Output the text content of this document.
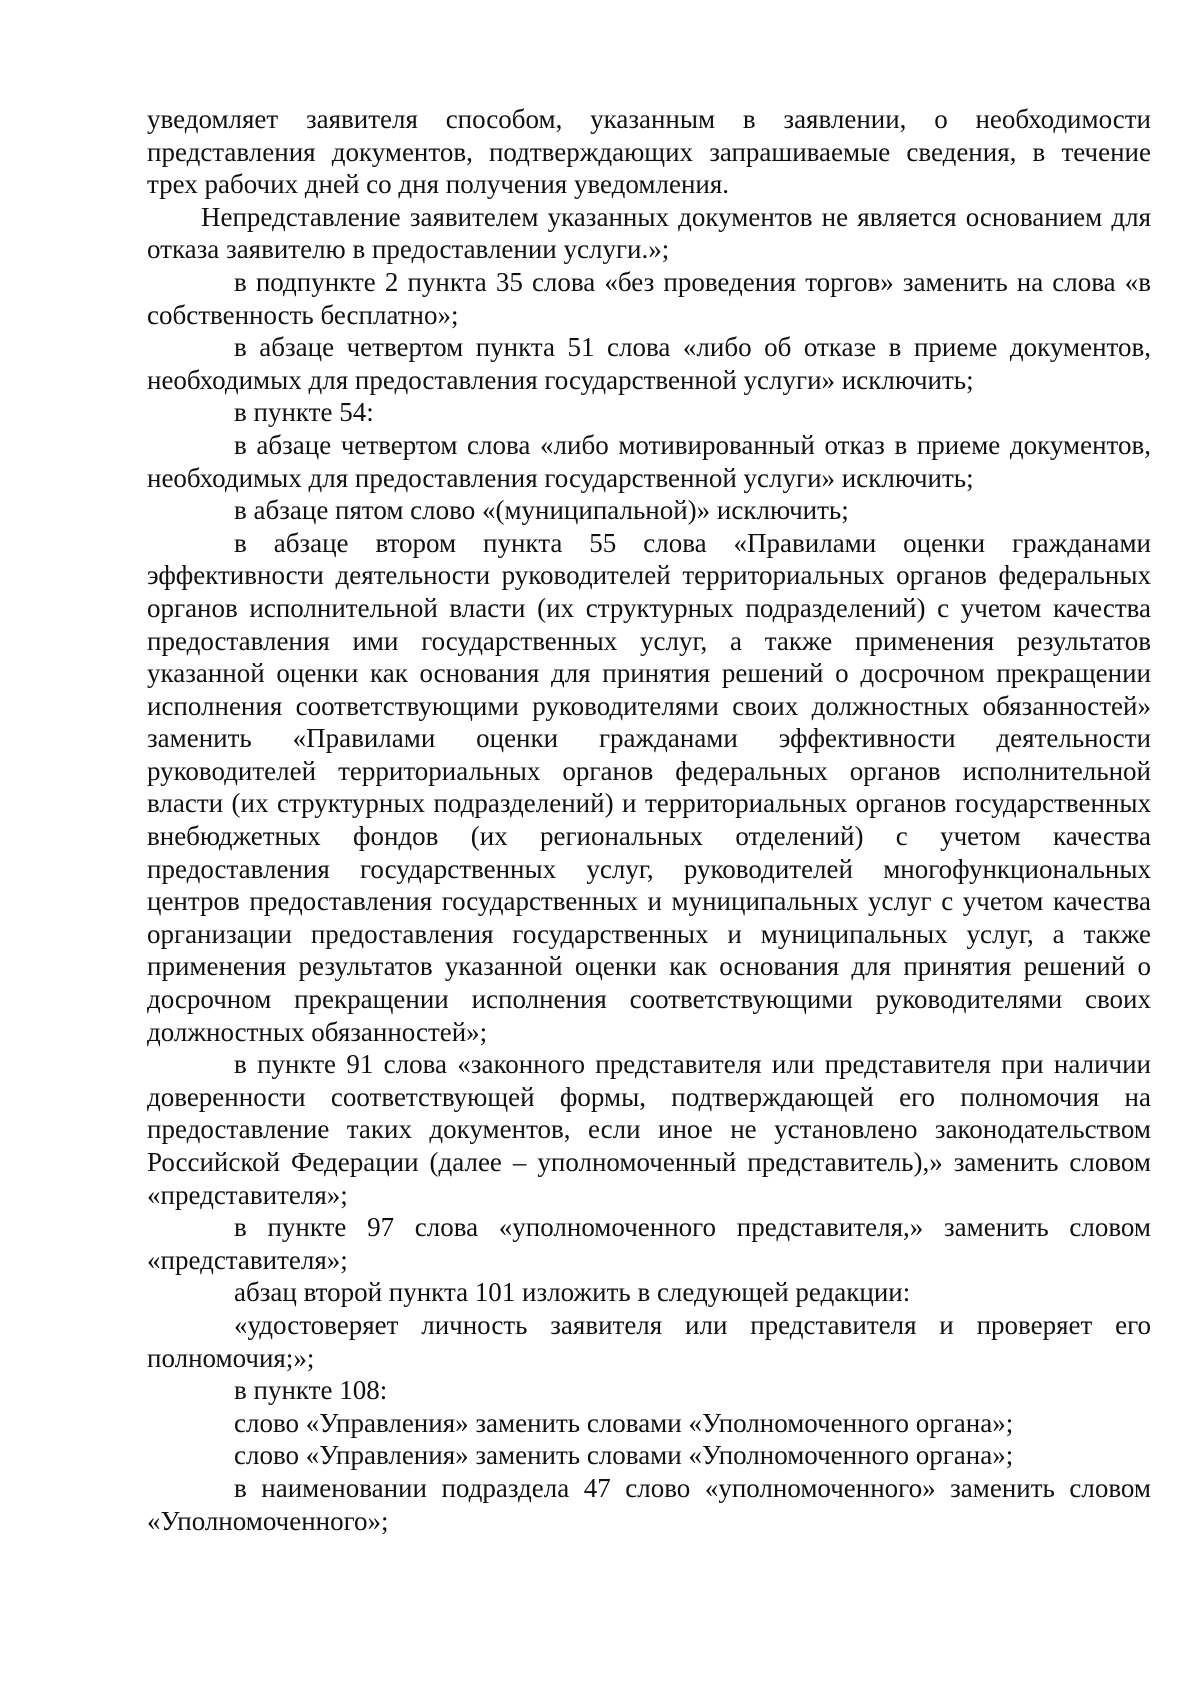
уведомляет заявителя способом, указанным в заявлении, о необходимости представления документов, подтверждающих запрашиваемые сведения, в течение трех рабочих дней со дня получения уведомления.

Непредставление заявителем указанных документов не является основанием для отказа заявителю в предоставлении услуги.»;

в подпункте 2 пункта 35 слова «без проведения торгов» заменить на слова «в собственность бесплатно»;

в абзаце четвертом пункта 51 слова «либо об отказе в приеме документов, необходимых для предоставления государственной услуги» исключить;

в пункте 54:

в абзаце четвертом слова «либо мотивированный отказ в приеме документов, необходимых для предоставления государственной услуги» исключить;

в абзаце пятом слово «(муниципальной)» исключить;

в абзаце втором пункта 55 слова «Правилами оценки гражданами эффективности деятельности руководителей территориальных органов федеральных органов исполнительной власти (их структурных подразделений) с учетом качества предоставления ими государственных услуг, а также применения результатов указанной оценки как основания для принятия решений о досрочном прекращении исполнения соответствующими руководителями своих должностных обязанностей» заменить «Правилами оценки гражданами эффективности деятельности руководителей территориальных органов федеральных органов исполнительной власти (их структурных подразделений) и территориальных органов государственных внебюджетных фондов (их региональных отделений) с учетом качества предоставления государственных услуг, руководителей многофункциональных центров предоставления государственных и муниципальных услуг с учетом качества организации предоставления государственных и муниципальных услуг, а также применения результатов указанной оценки как основания для принятия решений о досрочном прекращении исполнения соответствующими руководителями своих должностных обязанностей»;

в пункте 91 слова «законного представителя или представителя при наличии доверенности соответствующей формы, подтверждающей его полномочия на предоставление таких документов, если иное не установлено законодательством Российской Федерации (далее – уполномоченный представитель),» заменить словом «представителя»;

в пункте 97 слова «уполномоченного представителя,» заменить словом «представителя»;

абзац второй пункта 101 изложить в следующей редакции:

«удостоверяет личность заявителя или представителя и проверяет его полномочия;»;

в пункте 108:

слово «Управления» заменить словами «Уполномоченного органа»;

слово «Управления» заменить словами «Уполномоченного органа»;

в наименовании подраздела 47 слово «уполномоченного» заменить словом «Уполномоченного»;
